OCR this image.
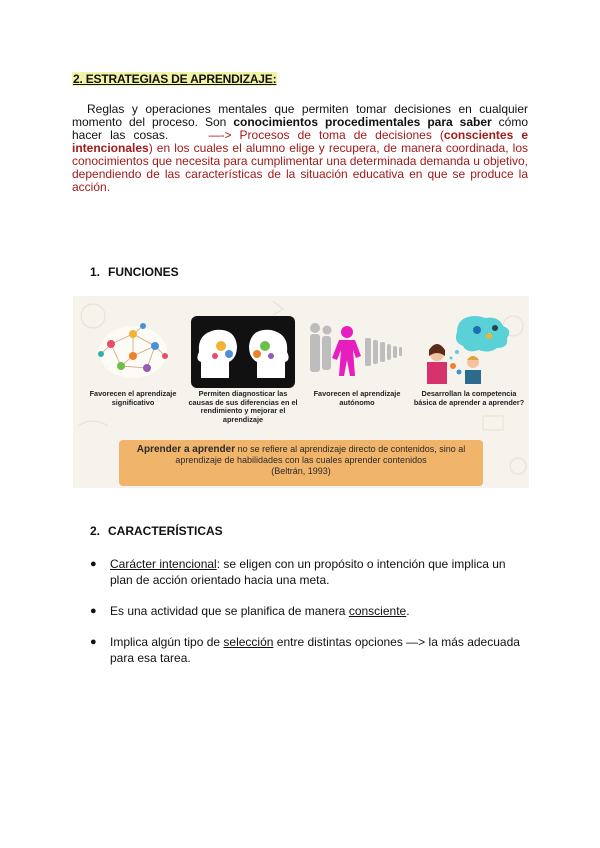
2. ESTRATEGIAS DE APRENDIZAJE:
Reglas y operaciones mentales que permiten tomar decisiones en cualquier momento del proceso. Son conocimientos procedimentales para saber cómo hacer las cosas.	—-> Procesos de toma de decisiones (conscientes e intencionales) en los cuales el alumno elige y recupera, de manera coordinada, los conocimientos que necesita para cumplimentar una determinada demanda u objetivo, dependiendo de las características de la situación educativa en que se produce la acción.
1. FUNCIONES
Favorecen el aprendizaje significativo
Permiten diagnosticar las causas de sus diferencias en el rendimiento y mejorar el aprendizaje
Favorecen el aprendizaje autónomo
Desarrollan la competencia básica de aprender a aprender?
Aprender a aprender no se refiere al aprendizaje directo de contenidos, sino al aprendizaje de habilidades con las cuales aprender contenidos
(Beltrán, 1993)
2. CARACTERÍSTICAS
● Carácter intencional: se eligen con un propósito o intención que implica un plan de acción orientado hacia una meta.
● Es una actividad que se planifica de manera consciente.
● Implica algún tipo de selección entre distintas opciones —> la más adecuada para esa tarea.
